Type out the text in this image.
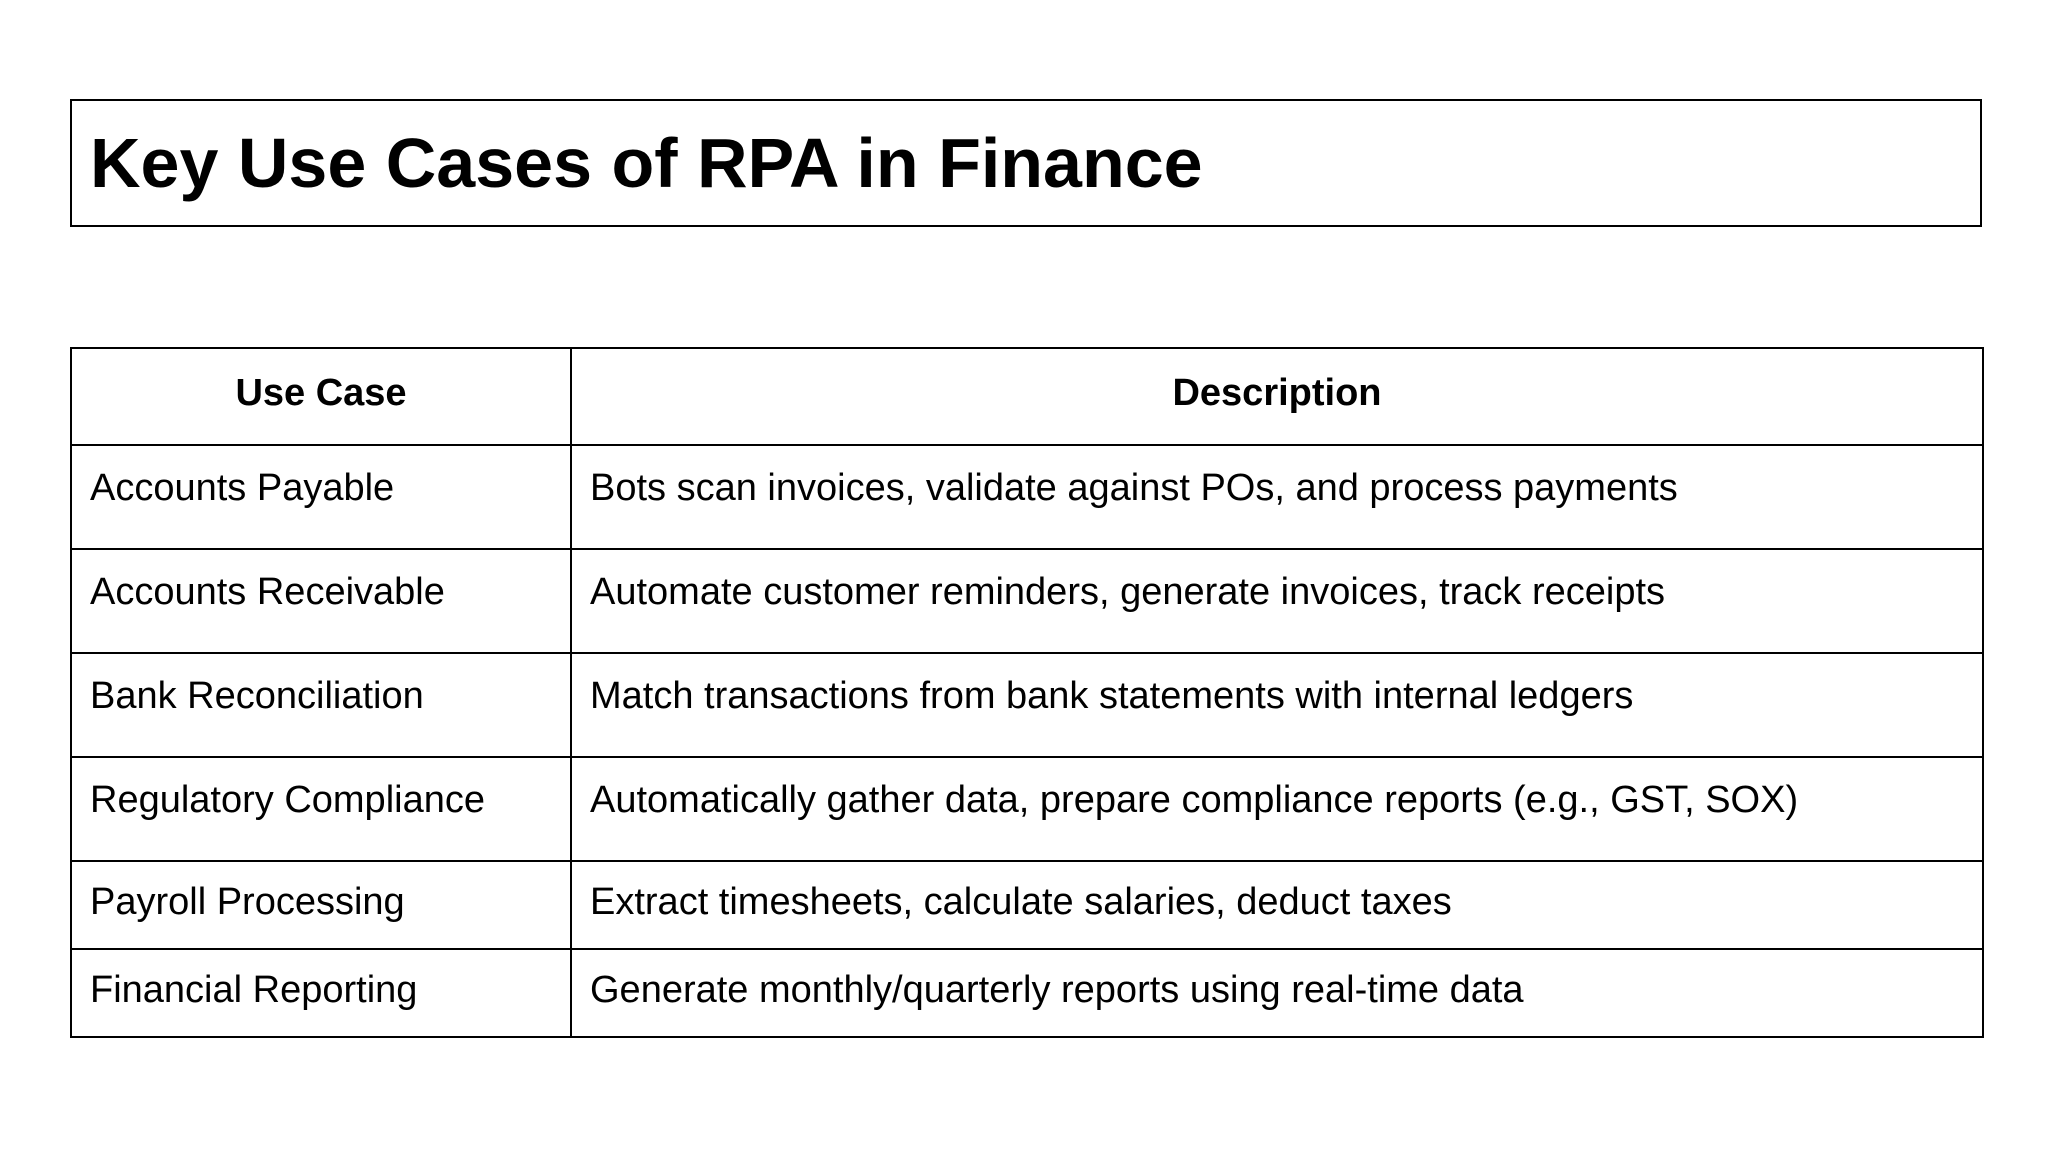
Key Use Cases of RPA in Finance
Use Case	Description
Accounts Payable	Bots scan invoices, validate against POs, and process payments
Accounts Receivable	Automate customer reminders, generate invoices, track receipts
Bank Reconciliation	Match transactions from bank statements with internal ledgers
Regulatory Compliance	Automatically gather data, prepare compliance reports (e.g., GST, SOX)
Payroll Processing	Extract timesheets, calculate salaries, deduct taxes
Financial Reporting	Generate monthly/quarterly reports using real-time data
